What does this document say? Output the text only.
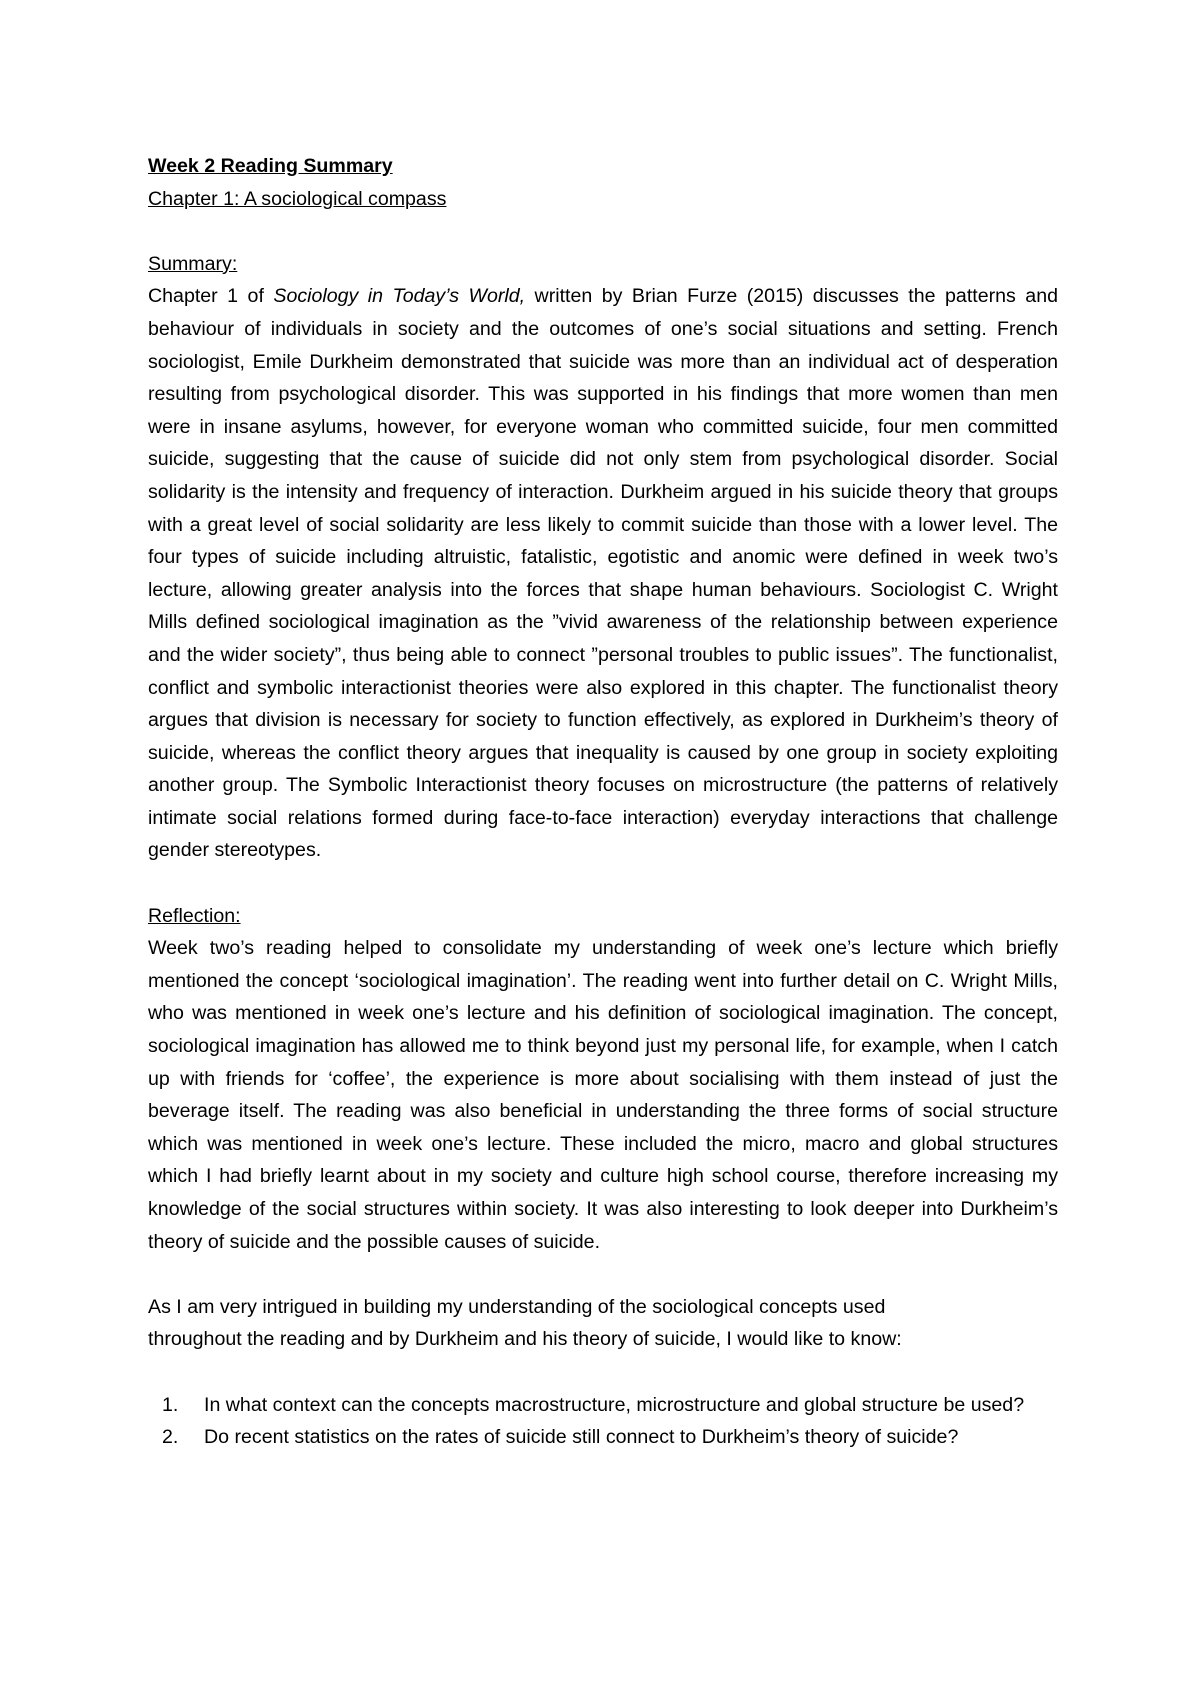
Week 2 Reading Summary

Chapter 1: A sociological compass

Summary:

Chapter 1 of Sociology in Today’s World, written by Brian Furze (2015) discusses the patterns and behaviour of individuals in society and the outcomes of one’s social situations and setting. French sociologist, Emile Durkheim demonstrated that suicide was more than an individual act of desperation resulting from psychological disorder. This was supported in his findings that more women than men were in insane asylums, however, for everyone woman who committed suicide, four men committed suicide, suggesting that the cause of suicide did not only stem from psychological disorder. Social solidarity is the intensity and frequency of interaction. Durkheim argued in his suicide theory that groups with a great level of social solidarity are less likely to commit suicide than those with a lower level. The four types of suicide including altruistic, fatalistic, egotistic and anomic were defined in week two’s lecture, allowing greater analysis into the forces that shape human behaviours. Sociologist C. Wright Mills defined sociological imagination as the ”vivid awareness of the relationship between experience and the wider society”, thus being able to connect ”personal troubles to public issues”. The functionalist, conflict and symbolic interactionist theories were also explored in this chapter. The functionalist theory argues that division is necessary for society to function effectively, as explored in Durkheim’s theory of suicide, whereas the conflict theory argues that inequality is caused by one group in society exploiting another group. The Symbolic Interactionist theory focuses on microstructure (the patterns of relatively intimate social relations formed during face-to-face interaction) everyday interactions that challenge gender stereotypes.

Reflection:

Week two’s reading helped to consolidate my understanding of week one’s lecture which briefly mentioned the concept ‘sociological imagination’. The reading went into further detail on C. Wright Mills, who was mentioned in week one’s lecture and his definition of sociological imagination. The concept, sociological imagination has allowed me to think beyond just my personal life, for example, when I catch up with friends for ‘coffee’, the experience is more about socialising with them instead of just the beverage itself. The reading was also beneficial in understanding the three forms of social structure which was mentioned in week one’s lecture. These included the micro, macro and global structures which I had briefly learnt about in my society and culture high school course, therefore increasing my knowledge of the social structures within society. It was also interesting to look deeper into Durkheim’s theory of suicide and the possible causes of suicide.

As I am very intrigued in building my understanding of the sociological concepts used

throughout the reading and by Durkheim and his theory of suicide, I would like to know:

1. In what context can the concepts macrostructure, microstructure and global structure be used?
2. Do recent statistics on the rates of suicide still connect to Durkheim’s theory of suicide?
